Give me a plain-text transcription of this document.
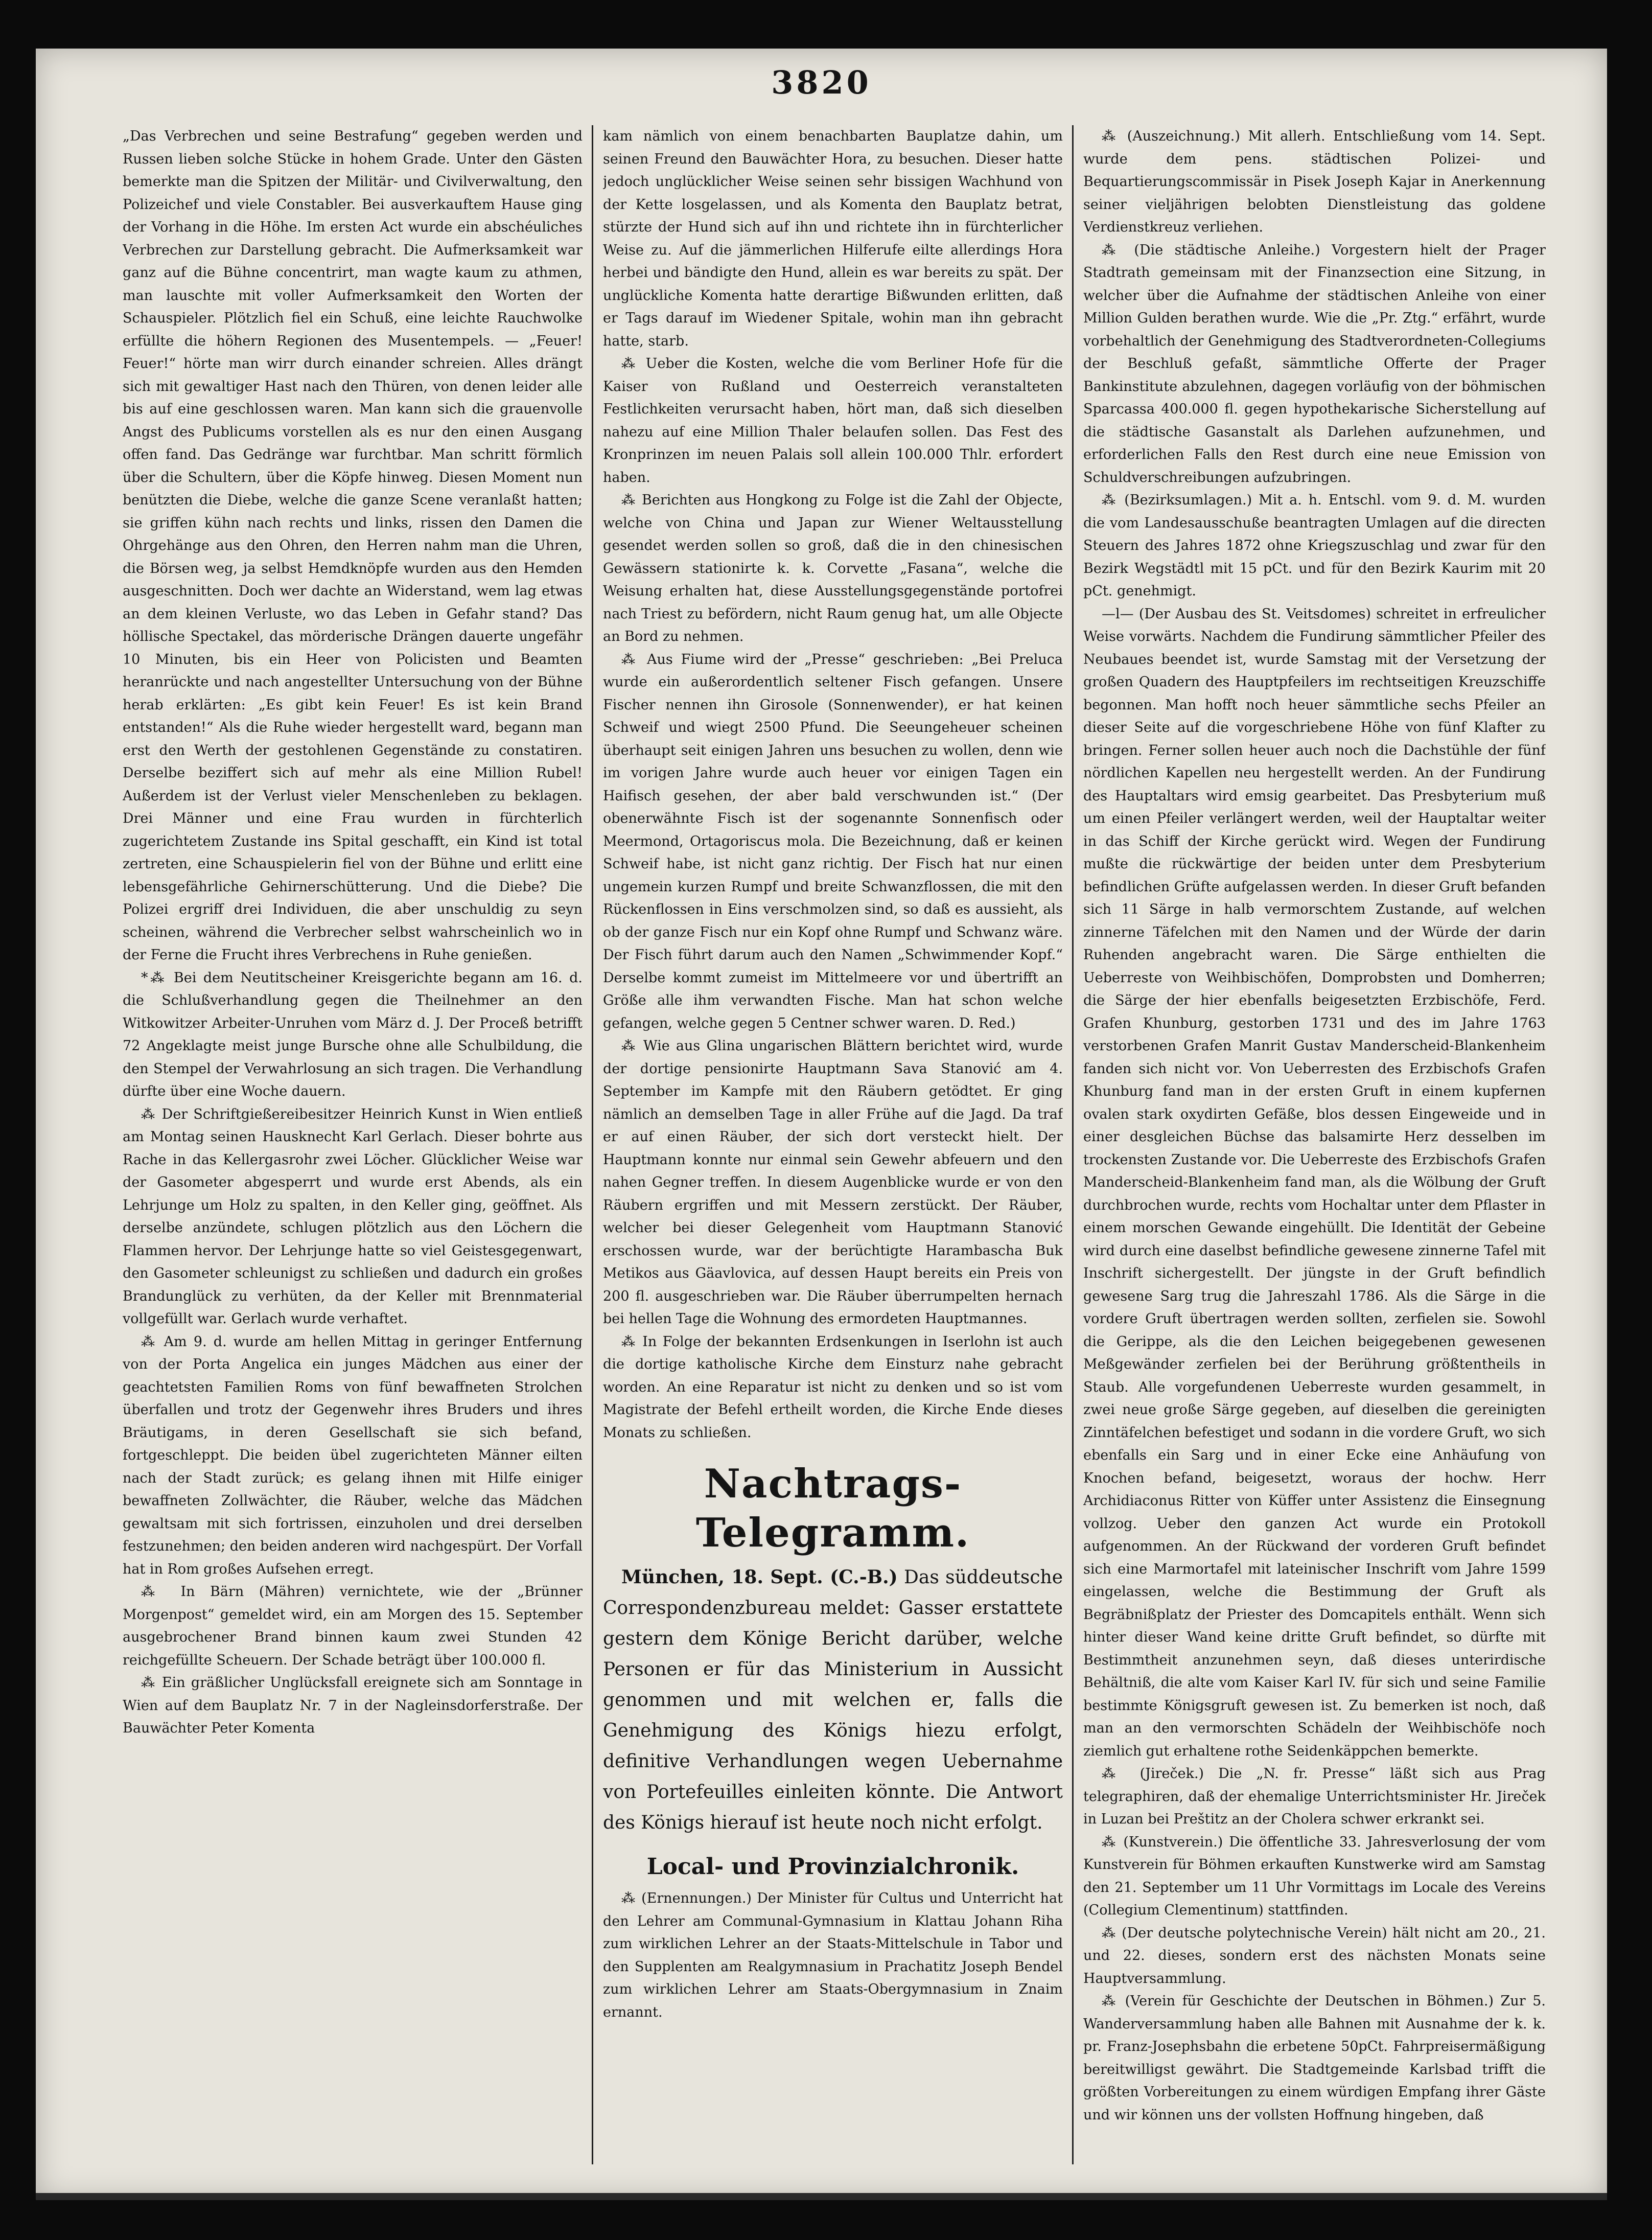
3820

„Das Verbrechen und seine Bestrafung“ gegeben werden und Russen lieben solche Stücke in hohem Grade. Unter den Gästen bemerkte man die Spitzen der Militär- und Civilverwaltung, den Polizeichef und viele Constabler. Bei ausverkauftem Hause ging der Vorhang in die Höhe. Im ersten Act wurde ein abschéuliches Verbrechen zur Darstellung gebracht. Die Aufmerksamkeit war ganz auf die Bühne concentrirt, man wagte kaum zu athmen, man lauschte mit voller Aufmerksamkeit den Worten der Schauspieler. Plötzlich fiel ein Schuß, eine leichte Rauchwolke erfüllte die höhern Regionen des Musentempels. — „Feuer! Feuer!“ hörte man wirr durch einander schreien. Alles drängt sich mit gewaltiger Hast nach den Thüren, von denen leider alle bis auf eine geschlossen waren. Man kann sich die grauenvolle Angst des Publicums vorstellen als es nur den einen Ausgang offen fand. Das Gedränge war furchtbar. Man schritt förmlich über die Schultern, über die Köpfe hinweg. Diesen Moment nun benützten die Diebe, welche die ganze Scene veranlaßt hatten; sie griffen kühn nach rechts und links, rissen den Damen die Ohrgehänge aus den Ohren, den Herren nahm man die Uhren, die Börsen weg, ja selbst Hemdknöpfe wurden aus den Hemden ausgeschnitten. Doch wer dachte an Widerstand, wem lag etwas an dem kleinen Verluste, wo das Leben in Gefahr stand? Das höllische Spectakel, das mörderische Drängen dauerte ungefähr 10 Minuten, bis ein Heer von Policisten und Beamten heranrückte und nach angestellter Untersuchung von der Bühne herab erklärten: „Es gibt kein Feuer! Es ist kein Brand entstanden!“ Als die Ruhe wieder hergestellt ward, begann man erst den Werth der gestohlenen Gegenstände zu constatiren. Derselbe beziffert sich auf mehr als eine Million Rubel! Außerdem ist der Verlust vieler Menschenleben zu beklagen. Drei Männer und eine Frau wurden in fürchterlich zugerichtetem Zustande ins Spital geschafft, ein Kind ist total zertreten, eine Schauspielerin fiel von der Bühne und erlitt eine lebensgefährliche Gehirnerschütterung. Und die Diebe? Die Polizei ergriff drei Individuen, die aber unschuldig zu seyn scheinen, während die Verbrecher selbst wahrscheinlich wo in der Ferne die Frucht ihres Verbrechens in Ruhe genießen.

*⁂ Bei dem Neutitscheiner Kreisgerichte begann am 16. d. die Schlußverhandlung gegen die Theilnehmer an den Witkowitzer Arbeiter-Unruhen vom März d. J. Der Proceß betrifft 72 Angeklagte meist junge Bursche ohne alle Schulbildung, die den Stempel der Verwahrlosung an sich tragen. Die Verhandlung dürfte über eine Woche dauern.

⁂ Der Schriftgießereibesitzer Heinrich Kunst in Wien entließ am Montag seinen Hausknecht Karl Gerlach. Dieser bohrte aus Rache in das Kellergasrohr zwei Löcher. Glücklicher Weise war der Gasometer abgesperrt und wurde erst Abends, als ein Lehrjunge um Holz zu spalten, in den Keller ging, geöffnet. Als derselbe anzündete, schlugen plötzlich aus den Löchern die Flammen hervor. Der Lehrjunge hatte so viel Geistesgegenwart, den Gasometer schleunigst zu schließen und dadurch ein großes Brandunglück zu verhüten, da der Keller mit Brennmaterial vollgefüllt war. Gerlach wurde verhaftet.

⁂ Am 9. d. wurde am hellen Mittag in geringer Entfernung von der Porta Angelica ein junges Mädchen aus einer der geachtetsten Familien Roms von fünf bewaffneten Strolchen überfallen und trotz der Gegenwehr ihres Bruders und ihres Bräutigams, in deren Gesellschaft sie sich befand, fortgeschleppt. Die beiden übel zugerichteten Männer eilten nach der Stadt zurück; es gelang ihnen mit Hilfe einiger bewaffneten Zollwächter, die Räuber, welche das Mädchen gewaltsam mit sich fortrissen, einzuholen und drei derselben festzunehmen; den beiden anderen wird nachgespürt. Der Vorfall hat in Rom großes Aufsehen erregt.

⁂ In Bärn (Mähren) vernichtete, wie der „Brünner Morgenpost“ gemeldet wird, ein am Morgen des 15. September ausgebrochener Brand binnen kaum zwei Stunden 42 reichgefüllte Scheuern. Der Schade beträgt über 100.000 fl.

⁂ Ein gräßlicher Unglücksfall ereignete sich am Sonntage in Wien auf dem Bauplatz Nr. 7 in der Nagleinsdorferstraße. Der Bauwächter Peter Komenta

kam nämlich von einem benachbarten Bauplatze dahin, um seinen Freund den Bauwächter Hora, zu besuchen. Dieser hatte jedoch unglücklicher Weise seinen sehr bissigen Wachhund von der Kette losgelassen, und als Komenta den Bauplatz betrat, stürzte der Hund sich auf ihn und richtete ihn in fürchterlicher Weise zu. Auf die jämmerlichen Hilferufe eilte allerdings Hora herbei und bändigte den Hund, allein es war bereits zu spät. Der unglückliche Komenta hatte derartige Bißwunden erlitten, daß er Tags darauf im Wiedener Spitale, wohin man ihn gebracht hatte, starb.

⁂ Ueber die Kosten, welche die vom Berliner Hofe für die Kaiser von Rußland und Oesterreich veranstalteten Festlichkeiten verursacht haben, hört man, daß sich dieselben nahezu auf eine Million Thaler belaufen sollen. Das Fest des Kronprinzen im neuen Palais soll allein 100.000 Thlr. erfordert haben.

⁂ Berichten aus Hongkong zu Folge ist die Zahl der Objecte, welche von China und Japan zur Wiener Weltausstellung gesendet werden sollen so groß, daß die in den chinesischen Gewässern stationirte k. k. Corvette „Fasana“, welche die Weisung erhalten hat, diese Ausstellungsgegenstände portofrei nach Triest zu befördern, nicht Raum genug hat, um alle Objecte an Bord zu nehmen.

⁂ Aus Fiume wird der „Presse“ geschrieben: „Bei Preluca wurde ein außerordentlich seltener Fisch gefangen. Unsere Fischer nennen ihn Girosole (Sonnenwender), er hat keinen Schweif und wiegt 2500 Pfund. Die Seeungeheuer scheinen überhaupt seit einigen Jahren uns besuchen zu wollen, denn wie im vorigen Jahre wurde auch heuer vor einigen Tagen ein Haifisch gesehen, der aber bald verschwunden ist.“ (Der obenerwähnte Fisch ist der sogenannte Sonnenfisch oder Meermond, Ortagoriscus mola. Die Bezeichnung, daß er keinen Schweif habe, ist nicht ganz richtig. Der Fisch hat nur einen ungemein kurzen Rumpf und breite Schwanzflossen, die mit den Rückenflossen in Eins verschmolzen sind, so daß es aussieht, als ob der ganze Fisch nur ein Kopf ohne Rumpf und Schwanz wäre. Der Fisch führt darum auch den Namen „Schwimmender Kopf.“ Derselbe kommt zumeist im Mittelmeere vor und übertrifft an Größe alle ihm verwandten Fische. Man hat schon welche gefangen, welche gegen 5 Centner schwer waren. D. Red.)

⁂ Wie aus Glina ungarischen Blättern berichtet wird, wurde der dortige pensionirte Hauptmann Sava Stanović am 4. September im Kampfe mit den Räubern getödtet. Er ging nämlich an demselben Tage in aller Frühe auf die Jagd. Da traf er auf einen Räuber, der sich dort versteckt hielt. Der Hauptmann konnte nur einmal sein Gewehr abfeuern und den nahen Gegner treffen. In diesem Augenblicke wurde er von den Räubern ergriffen und mit Messern zerstückt. Der Räuber, welcher bei dieser Gelegenheit vom Hauptmann Stanović erschossen wurde, war der berüchtigte Harambascha Buk Metikos aus Gäavlovica, auf dessen Haupt bereits ein Preis von 200 fl. ausgeschrieben war. Die Räuber überrumpelten hernach bei hellen Tage die Wohnung des ermordeten Hauptmannes.

⁂ In Folge der bekannten Erdsenkungen in Iserlohn ist auch die dortige katholische Kirche dem Einsturz nahe gebracht worden. An eine Reparatur ist nicht zu denken und so ist vom Magistrate der Befehl ertheilt worden, die Kirche Ende dieses Monats zu schließen.

Nachtrags-Telegramm.

München, 18. Sept. (C.-B.) Das süddeutsche Correspondenzbureau meldet: Gasser erstattete gestern dem Könige Bericht darüber, welche Personen er für das Ministerium in Aussicht genommen und mit welchen er, falls die Genehmigung des Königs hiezu erfolgt, definitive Verhandlungen wegen Uebernahme von Portefeuilles einleiten könnte. Die Antwort des Königs hierauf ist heute noch nicht erfolgt.

Local- und Provinzialchronik.

⁂ (Ernennungen.) Der Minister für Cultus und Unterricht hat den Lehrer am Communal-Gymnasium in Klattau Johann Riha zum wirklichen Lehrer an der Staats-Mittelschule in Tabor und den Supplenten am Realgymnasium in Prachatitz Joseph Bendel zum wirklichen Lehrer am Staats-Obergymnasium in Znaim ernannt.

⁂ (Auszeichnung.) Mit allerh. Entschließung vom 14. Sept. wurde dem pens. städtischen Polizei- und Bequartierungscommissär in Pisek Joseph Kajar in Anerkennung seiner vieljährigen belobten Dienstleistung das goldene Verdienstkreuz verliehen.

⁂ (Die städtische Anleihe.) Vorgestern hielt der Prager Stadtrath gemeinsam mit der Finanzsection eine Sitzung, in welcher über die Aufnahme der städtischen Anleihe von einer Million Gulden berathen wurde. Wie die „Pr. Ztg.“ erfährt, wurde vorbehaltlich der Genehmigung des Stadtverordneten-Collegiums der Beschluß gefaßt, sämmtliche Offerte der Prager Bankinstitute abzulehnen, dagegen vorläufig von der böhmischen Sparcassa 400.000 fl. gegen hypothekarische Sicherstellung auf die städtische Gasanstalt als Darlehen aufzunehmen, und erforderlichen Falls den Rest durch eine neue Emission von Schuldverschreibungen aufzubringen.

⁂ (Bezirksumlagen.) Mit a. h. Entschl. vom 9. d. M. wurden die vom Landesausschuße beantragten Umlagen auf die directen Steuern des Jahres 1872 ohne Kriegszuschlag und zwar für den Bezirk Wegstädtl mit 15 pCt. und für den Bezirk Kaurim mit 20 pCt. genehmigt.

—l— (Der Ausbau des St. Veitsdomes) schreitet in erfreulicher Weise vorwärts. Nachdem die Fundirung sämmtlicher Pfeiler des Neubaues beendet ist, wurde Samstag mit der Versetzung der großen Quadern des Hauptpfeilers im rechtseitigen Kreuzschiffe begonnen. Man hofft noch heuer sämmtliche sechs Pfeiler an dieser Seite auf die vorgeschriebene Höhe von fünf Klafter zu bringen. Ferner sollen heuer auch noch die Dachstühle der fünf nördlichen Kapellen neu hergestellt werden. An der Fundirung des Hauptaltars wird emsig gearbeitet. Das Presbyterium muß um einen Pfeiler verlängert werden, weil der Hauptaltar weiter in das Schiff der Kirche gerückt wird. Wegen der Fundirung mußte die rückwärtige der beiden unter dem Presbyterium befindlichen Grüfte aufgelassen werden. In dieser Gruft befanden sich 11 Särge in halb vermorschtem Zustande, auf welchen zinnerne Täfelchen mit den Namen und der Würde der darin Ruhenden angebracht waren. Die Särge enthielten die Ueberreste von Weihbischöfen, Domprobsten und Domherren; die Särge der hier ebenfalls beigesetzten Erzbischöfe, Ferd. Grafen Khunburg, gestorben 1731 und des im Jahre 1763 verstorbenen Grafen Manrit Gustav Manderscheid-Blankenheim fanden sich nicht vor. Von Ueberresten des Erzbischofs Grafen Khunburg fand man in der ersten Gruft in einem kupfernen ovalen stark oxydirten Gefäße, blos dessen Eingeweide und in einer desgleichen Büchse das balsamirte Herz desselben im trockensten Zustande vor. Die Ueberreste des Erzbischofs Grafen Manderscheid-Blankenheim fand man, als die Wölbung der Gruft durchbrochen wurde, rechts vom Hochaltar unter dem Pflaster in einem morschen Gewande eingehüllt. Die Identität der Gebeine wird durch eine daselbst befindliche gewesene zinnerne Tafel mit Inschrift sichergestellt. Der jüngste in der Gruft befindlich gewesene Sarg trug die Jahreszahl 1786. Als die Särge in die vordere Gruft übertragen werden sollten, zerfielen sie. Sowohl die Gerippe, als die den Leichen beigegebenen gewesenen Meßgewänder zerfielen bei der Berührung größtentheils in Staub. Alle vorgefundenen Ueberreste wurden gesammelt, in zwei neue große Särge gegeben, auf dieselben die gereinigten Zinntäfelchen befestiget und sodann in die vordere Gruft, wo sich ebenfalls ein Sarg und in einer Ecke eine Anhäufung von Knochen befand, beigesetzt, woraus der hochw. Herr Archidiaconus Ritter von Küffer unter Assistenz die Einsegnung vollzog. Ueber den ganzen Act wurde ein Protokoll aufgenommen. An der Rückwand der vorderen Gruft befindet sich eine Marmortafel mit lateinischer Inschrift vom Jahre 1599 eingelassen, welche die Bestimmung der Gruft als Begräbnißplatz der Priester des Domcapitels enthält. Wenn sich hinter dieser Wand keine dritte Gruft befindet, so dürfte mit Bestimmtheit anzunehmen seyn, daß dieses unterirdische Behältniß, die alte vom Kaiser Karl IV. für sich und seine Familie bestimmte Königsgruft gewesen ist. Zu bemerken ist noch, daß man an den vermorschten Schädeln der Weihbischöfe noch ziemlich gut erhaltene rothe Seidenkäppchen bemerkte.

⁂ (Jireček.) Die „N. fr. Presse“ läßt sich aus Prag telegraphiren, daß der ehemalige Unterrichtsminister Hr. Jireček in Luzan bei Preštitz an der Cholera schwer erkrankt sei.

⁂ (Kunstverein.) Die öffentliche 33. Jahresverlosung der vom Kunstverein für Böhmen erkauften Kunstwerke wird am Samstag den 21. September um 11 Uhr Vormittags im Locale des Vereins (Collegium Clementinum) stattfinden.

⁂ (Der deutsche polytechnische Verein) hält nicht am 20., 21. und 22. dieses, sondern erst des nächsten Monats seine Hauptversammlung.

⁂ (Verein für Geschichte der Deutschen in Böhmen.) Zur 5. Wanderversammlung haben alle Bahnen mit Ausnahme der k. k. pr. Franz-Josephsbahn die erbetene 50pCt. Fahrpreisermäßigung bereitwilligst gewährt. Die Stadtgemeinde Karlsbad trifft die größten Vorbereitungen zu einem würdigen Empfang ihrer Gäste und wir können uns der vollsten Hoffnung hingeben, daß
